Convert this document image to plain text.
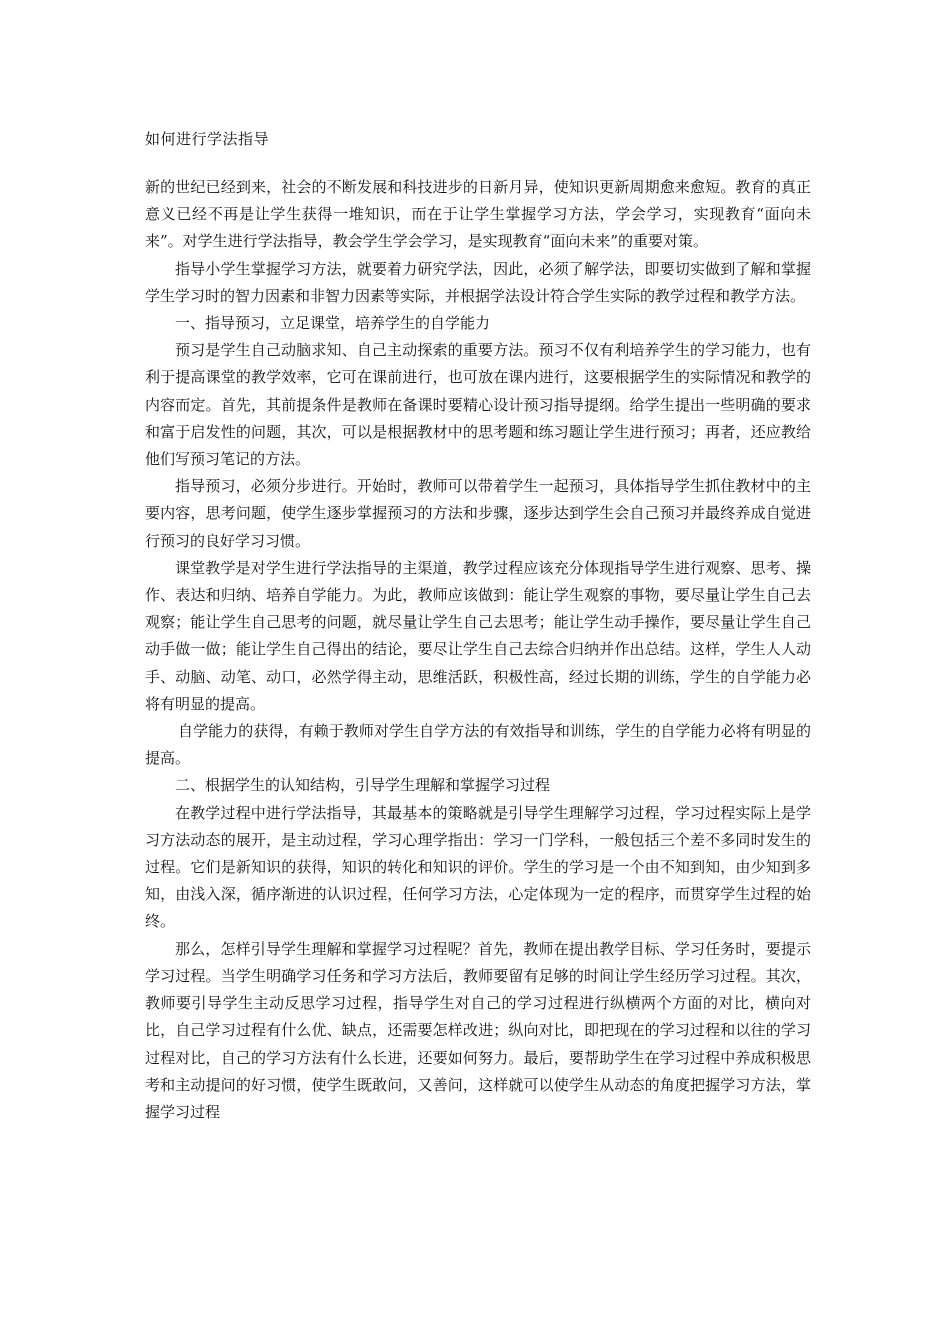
如何进行学法指导

新的世纪已经到来，社会的不断发展和科技进步的日新月异，使知识更新周期愈来愈短。教育的真正意义已经不再是让学生获得一堆知识，而在于让学生掌握学习方法，学会学习，实现教育“面向未来”。对学生进行学法指导，教会学生学会学习，是实现教育“面向未来”的重要对策。

指导小学生掌握学习方法，就要着力研究学法，因此，必须了解学法，即要切实做到了解和掌握学生学习时的智力因素和非智力因素等实际，并根据学法设计符合学生实际的教学过程和教学方法。

一、指导预习，立足课堂，培养学生的自学能力

预习是学生自己动脑求知、自己主动探索的重要方法。预习不仅有利培养学生的学习能力，也有利于提高课堂的教学效率，它可在课前进行，也可放在课内进行，这要根据学生的实际情况和教学的内容而定。首先，其前提条件是教师在备课时要精心设计预习指导提纲。给学生提出一些明确的要求和富于启发性的问题，其次，可以是根据教材中的思考题和练习题让学生进行预习；再者，还应教给他们写预习笔记的方法。

指导预习，必须分步进行。开始时，教师可以带着学生一起预习，具体指导学生抓住教材中的主要内容，思考问题，使学生逐步掌握预习的方法和步骤，逐步达到学生会自己预习并最终养成自觉进行预习的良好学习习惯。

课堂教学是对学生进行学法指导的主渠道，教学过程应该充分体现指导学生进行观察、思考、操作、表达和归纳、培养自学能力。为此，教师应该做到：能让学生观察的事物，要尽量让学生自己去观察；能让学生自己思考的问题，就尽量让学生自己去思考；能让学生动手操作，要尽量让学生自己动手做一做；能让学生自己得出的结论，要尽让学生自己去综合归纳并作出总结。这样，学生人人动手、动脑、动笔、动口，必然学得主动，思维活跃，积极性高，经过长期的训练，学生的自学能力必将有明显的提高。

自学能力的获得，有赖于教师对学生自学方法的有效指导和训练，学生的自学能力必将有明显的提高。

二、根据学生的认知结构，引导学生理解和掌握学习过程

在教学过程中进行学法指导，其最基本的策略就是引导学生理解学习过程，学习过程实际上是学习方法动态的展开，是主动过程，学习心理学指出：学习一门学科，一般包括三个差不多同时发生的过程。它们是新知识的获得，知识的转化和知识的评价。学生的学习是一个由不知到知，由少知到多知，由浅入深，循序渐进的认识过程，任何学习方法，心定体现为一定的程序，而贯穿学生过程的始终。

那么，怎样引导学生理解和掌握学习过程呢？首先，教师在提出教学目标、学习任务时，要提示学习过程。当学生明确学习任务和学习方法后，教师要留有足够的时间让学生经历学习过程。其次，教师要引导学生主动反思学习过程，指导学生对自己的学习过程进行纵横两个方面的对比，横向对比，自己学习过程有什么优、缺点，还需要怎样改进；纵向对比，即把现在的学习过程和以往的学习过程对比，自己的学习方法有什么长进，还要如何努力。最后，要帮助学生在学习过程中养成积极思考和主动提问的好习惯，使学生既敢问，又善问，这样就可以使学生从动态的角度把握学习方法，掌握学习过程
